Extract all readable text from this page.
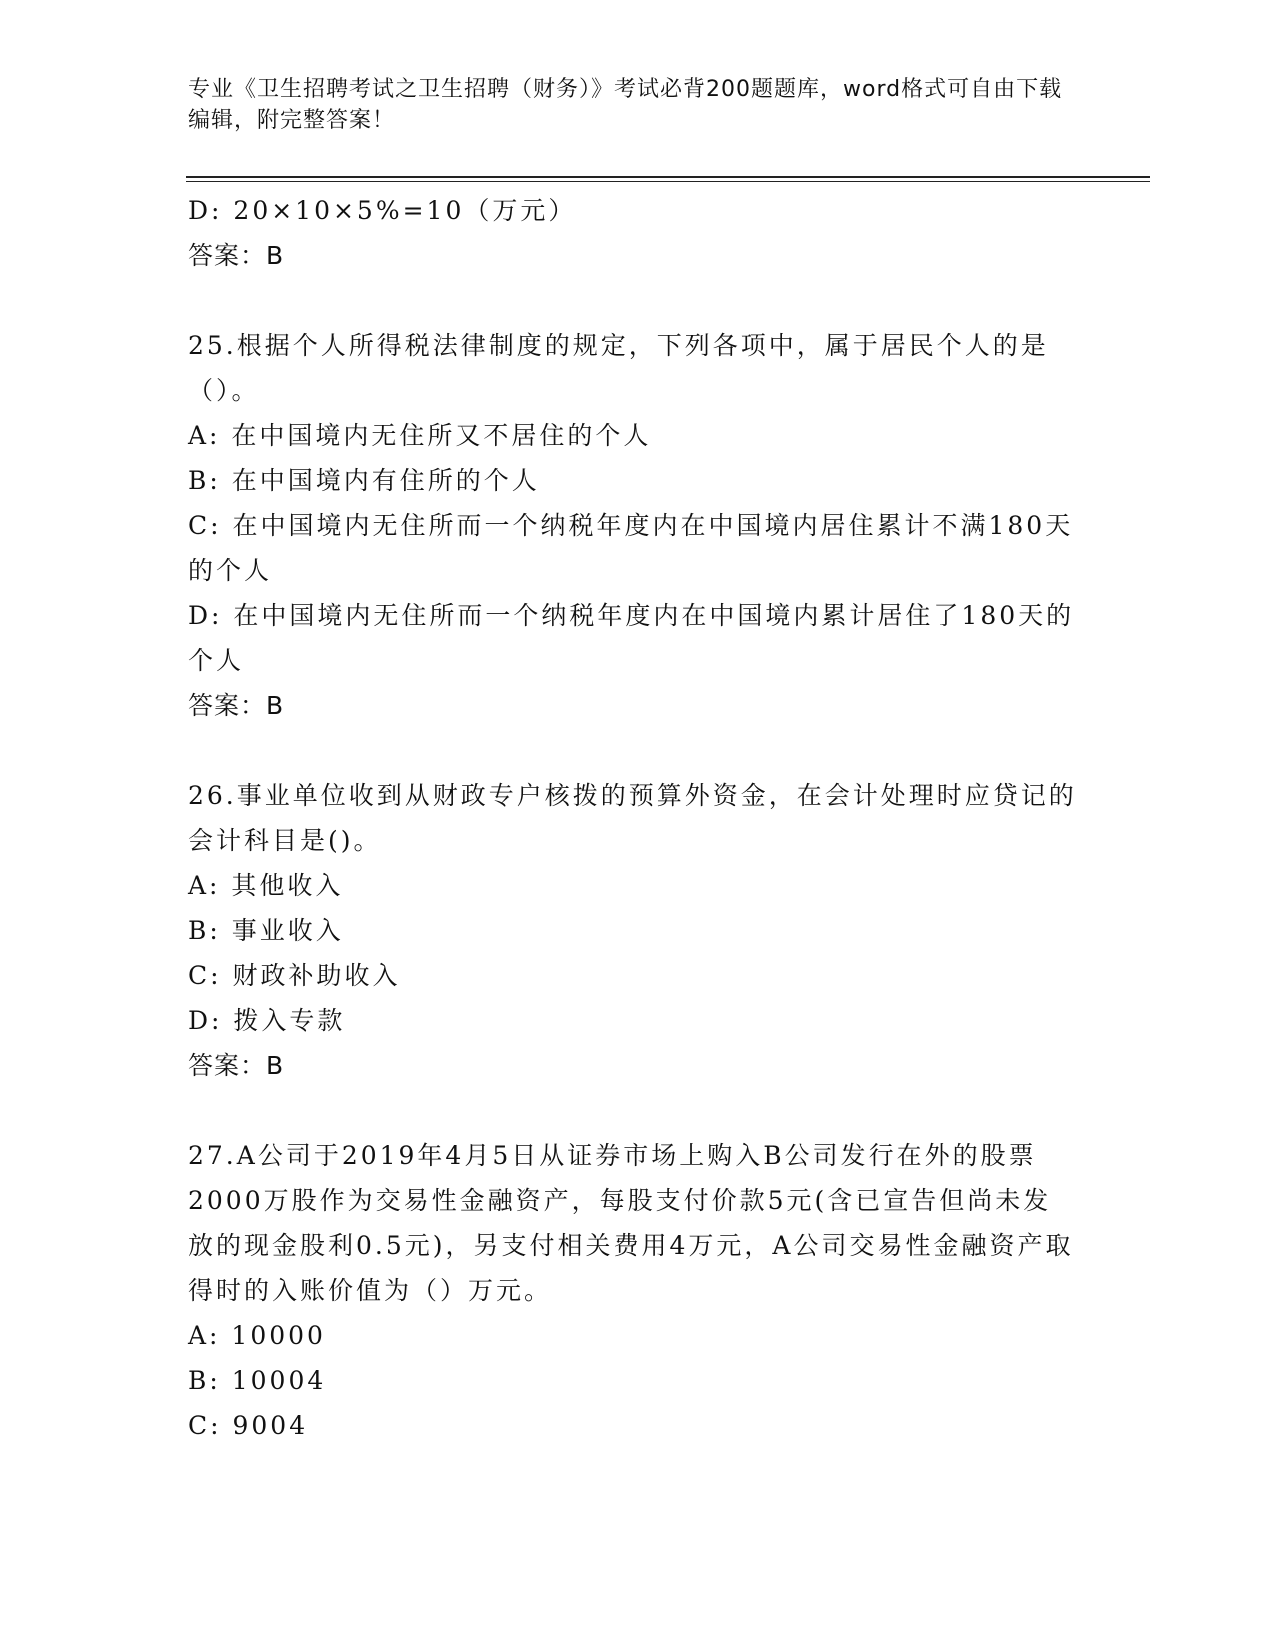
专业《卫生招聘考试之卫生招聘（财务）》考试必背200题题库，word格式可自由下载编辑，附完整答案！

D: 20×10×5%=10（万元）

答案：B

25.根据个人所得税法律制度的规定，下列各项中，属于居民个人的是（）。

A: 在中国境内无住所又不居住的个人

B: 在中国境内有住所的个人

C: 在中国境内无住所而一个纳税年度内在中国境内居住累计不满180天的个人

D: 在中国境内无住所而一个纳税年度内在中国境内累计居住了180天的个人

答案：B

26.事业单位收到从财政专户核拨的预算外资金，在会计处理时应贷记的会计科目是()。

A: 其他收入

B: 事业收入

C: 财政补助收入

D: 拨入专款

答案：B

27.A公司于2019年4月5日从证券市场上购入B公司发行在外的股票2000万股作为交易性金融资产，每股支付价款5元(含已宣告但尚未发放的现金股利0.5元)，另支付相关费用4万元，A公司交易性金融资产取得时的入账价值为（）万元。

A: 10000

B: 10004

C: 9004
